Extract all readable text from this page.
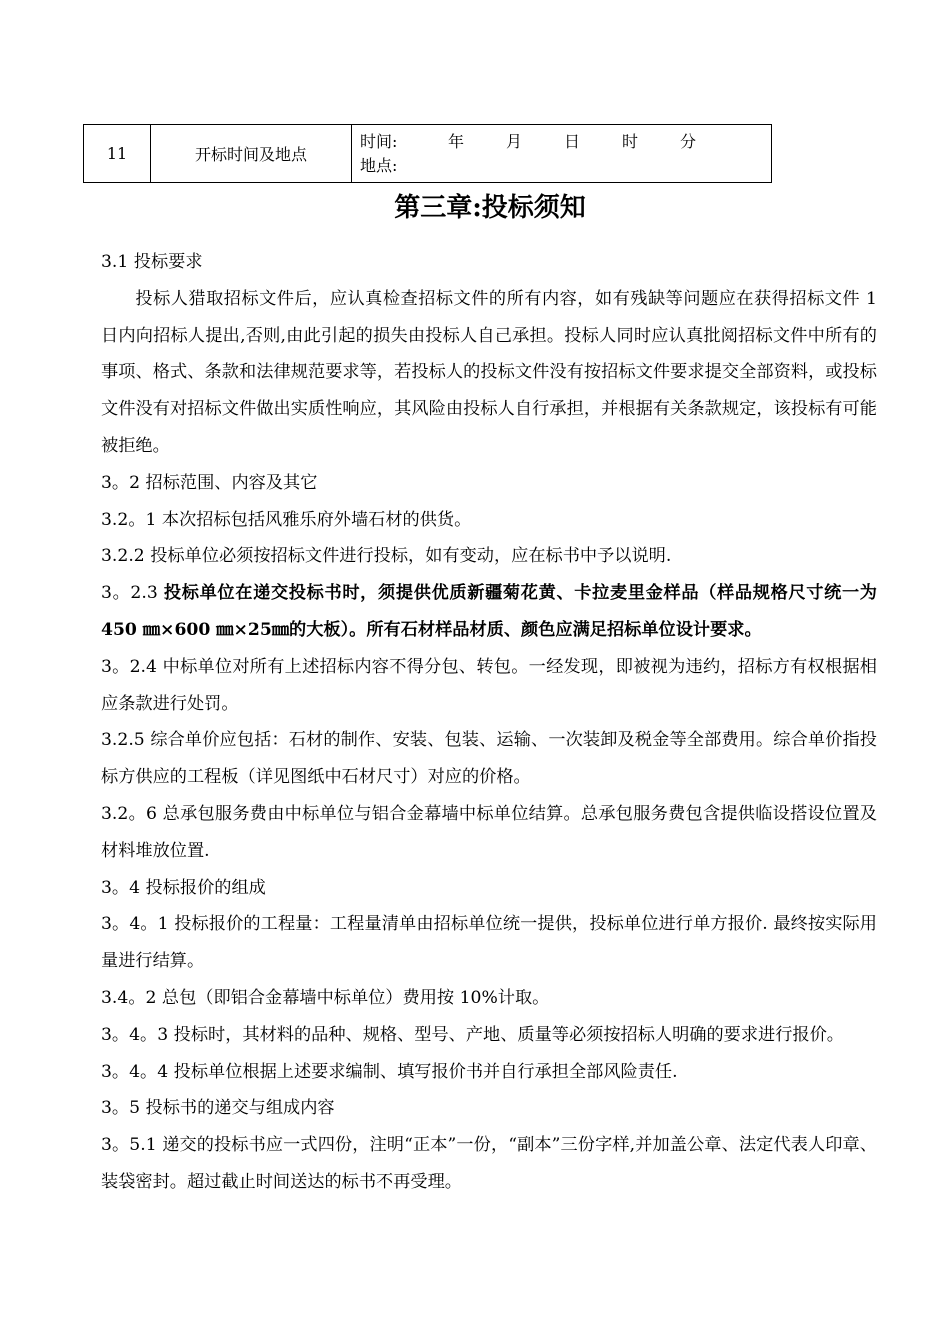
11	开标时间及地点	
时间:	年	月	日	时	分
地点:
第三章:投标须知

3.1 投标要求

投标人猎取招标文件后，应认真检查招标文件的所有内容，如有残缺等问题应在获得招标文件 1 日内向招标人提出,否则,由此引起的损失由投标人自己承担。投标人同时应认真批阅招标文件中所有的事项、格式、条款和法律规范要求等，若投标人的投标文件没有按招标文件要求提交全部资料，或投标文件没有对招标文件做出实质性响应，其风险由投标人自行承担，并根据有关条款规定，该投标有可能被拒绝。

3。2 招标范围、内容及其它

3.2。1 本次招标包括风雅乐府外墙石材的供货。

3.2.2 投标单位必须按招标文件进行投标，如有变动，应在标书中予以说明.

3。2.3 投标单位在递交投标书时，须提供优质新疆菊花黄、卡拉麦里金样品（样品规格尺寸统一为 450 ㎜×600 ㎜×25㎜的大板）。所有石材样品材质、颜色应满足招标单位设计要求。

3。2.4 中标单位对所有上述招标内容不得分包、转包。一经发现，即被视为违约，招标方有权根据相应条款进行处罚。

3.2.5 综合单价应包括：石材的制作、安装、包装、运输、一次装卸及税金等全部费用。综合单价指投标方供应的工程板（详见图纸中石材尺寸）对应的价格。

3.2。6 总承包服务费由中标单位与铝合金幕墙中标单位结算。总承包服务费包含提供临设搭设位置及材料堆放位置.

3。4 投标报价的组成

3。4。1 投标报价的工程量：工程量清单由招标单位统一提供，投标单位进行单方报价. 最终按实际用量进行结算。

3.4。2 总包（即铝合金幕墙中标单位）费用按 10%计取。

3。4。3 投标时，其材料的品种、规格、型号、产地、质量等必须按招标人明确的要求进行报价。

3。4。4 投标单位根据上述要求编制、填写报价书并自行承担全部风险责任.

3。5 投标书的递交与组成内容

3。5.1 递交的投标书应一式四份，注明“正本”一份，“副本”三份字样,并加盖公章、法定代表人印章、装袋密封。超过截止时间送达的标书不再受理。
